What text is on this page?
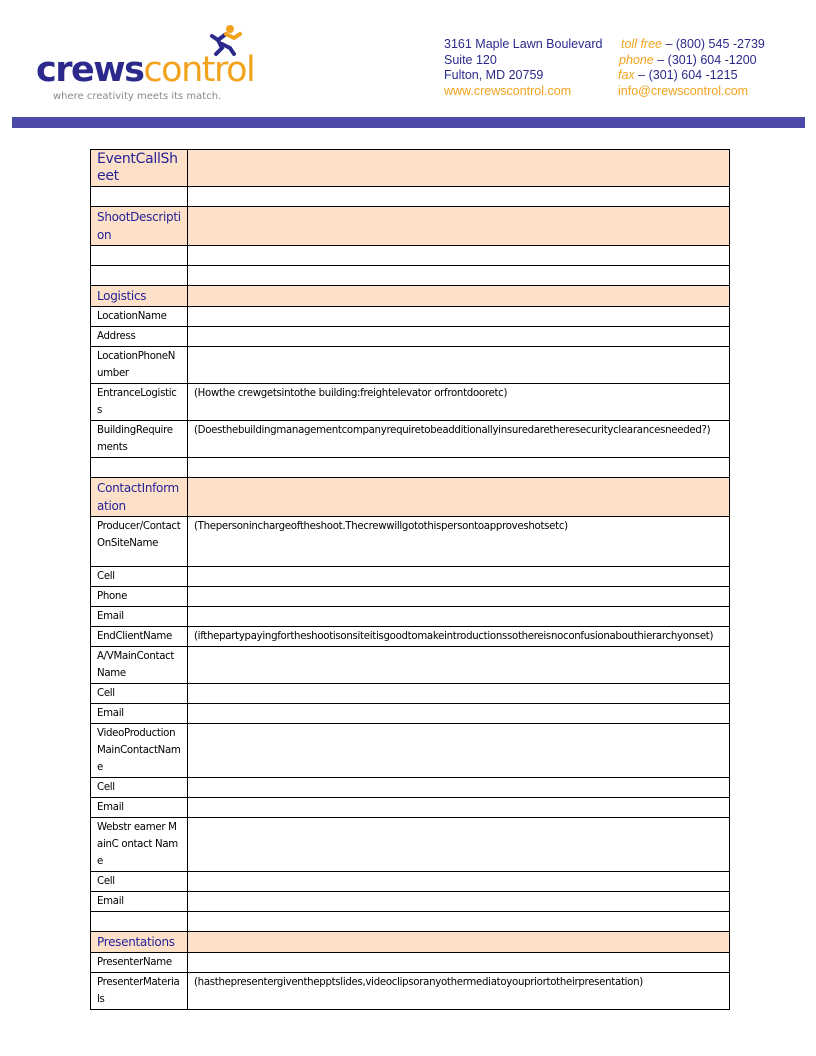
crewscontrol
where creativity meets its match.
3161 Maple Lawn Boulevard
Suite 120
Fulton, MD 20759
www.crewscontrol.com
toll free – (800) 545 -2739
phone – (301) 604 -1200
fax – (301) 604 -1215
info@crewscontrol.com
EventCallSheet	

ShootDescription	

Logistics	
LocationName	
Address	
LocationPhoneNumber	
EntranceLogistics	(Howthe crewgetsintothe building:freightelevator orfrontdooretc)
BuildingRequirements	(Doesthebuildingmanagementcompanyrequiretobeadditionallyinsuredaretheresecurityclearancesneeded?)

ContactInformation	
Producer/ContactOnSiteName	(Thepersoninchargeoftheshoot.Thecrewwillgotothispersontoapproveshotsetc)
Cell	
Phone	
Email	
EndClientName	(ifthepartypayingfortheshootisonsiteitisgoodtomakeintroductionssothereisnoconfusionabouthierarchyonset)
A/VMainContactName	
Cell	
Email	
VideoProductionMainContactName	
Cell	
Email	
Webstr eamer MainC ontact Name	
Cell	
Email	

Presentations	
PresenterName	
PresenterMaterials	(hasthepresentergiventhepptslides,videoclipsoranyothermediatoyoupriortotheirpresentation)
